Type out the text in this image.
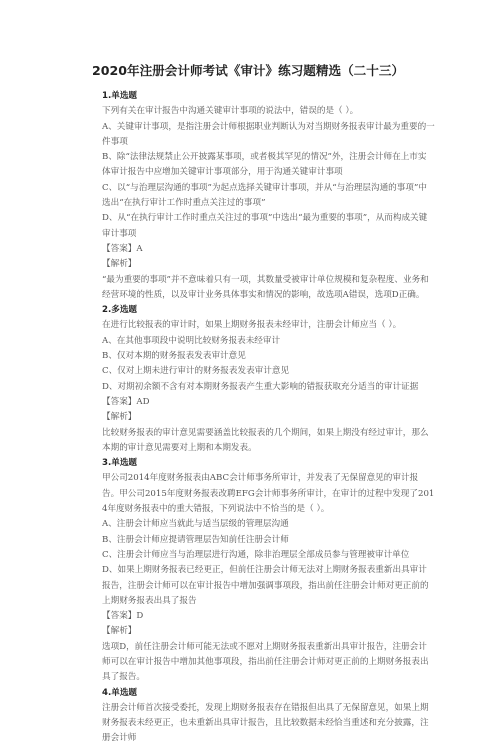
2020年注册会计师考试《审计》练习题精选（二十三）
1.单选题

下列有关在审计报告中沟通关键审计事项的说法中，错误的是（ ）。

A、关键审计事项，是指注册会计师根据职业判断认为对当期财务报表审计最为重要的一件事项

B、除“法律法规禁止公开披露某事项，或者极其罕见的情况”外，注册会计师在上市实体审计报告中应增加关键审计事项部分，用于沟通关键审计事项

C、以“与治理层沟通的事项”为起点选择关键审计事项，并从“与治理层沟通的事项”中选出“在执行审计工作时重点关注过的事项”

D、从“在执行审计工作时重点关注过的事项”中选出“最为重要的事项”，从而构成关键审计事项

【答案】A

【解析】

“最为重要的事项”并不意味着只有一项，其数量受被审计单位规模和复杂程度、业务和经营环境的性质，以及审计业务具体事实和情况的影响，故选项A错误，选项D正确。

2.多选题

在进行比较报表的审计时，如果上期财务报表未经审计，注册会计师应当（ ）。

A、在其他事项段中说明比较财务报表未经审计

B、仅对本期的财务报表发表审计意见

C、仅对上期未进行审计的财务报表发表审计意见

D、对期初余额不含有对本期财务报表产生重大影响的错报获取充分适当的审计证据

【答案】AD

【解析】

比较财务报表的审计意见需要涵盖比较报表的几个期间，如果上期没有经过审计，那么本期的审计意见需要对上期和本期发表。

3.单选题

甲公司2014年度财务报表由ABC会计师事务所审计，并发表了无保留意见的审计报告。甲公司2015年度财务报表改聘EFG会计师事务所审计，在审计的过程中发现了2014年度财务报表中的重大错报，下列说法中不恰当的是（ ）。

A、注册会计师应当就此与适当层级的管理层沟通

B、注册会计师应提请管理层告知前任注册会计师

C、注册会计师应当与治理层进行沟通，除非治理层全部成员参与管理被审计单位

D、如果上期财务报表已经更正，但前任注册会计师无法对上期财务报表重新出具审计报告，注册会计师可以在审计报告中增加强调事项段，指出前任注册会计师对更正前的上期财务报表出具了报告

【答案】D

【解析】

选项D，前任注册会计师可能无法或不愿对上期财务报表重新出具审计报告，注册会计师可以在审计报告中增加其他事项段，指出前任注册会计师对更正前的上期财务报表出具了报告。

4.单选题

注册会计师首次接受委托，发现上期财务报表存在错报但出具了无保留意见，如果上期财务报表未经更正，也未重新出具审计报告，且比较数据未经恰当重述和充分披露，注册会计师
